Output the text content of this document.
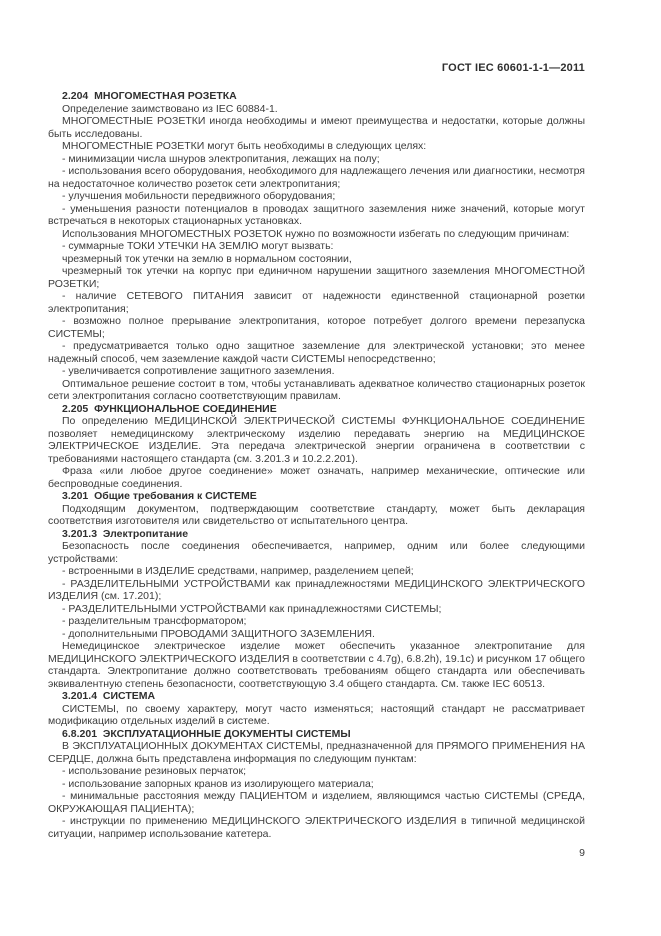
ГОСТ IEC 60601-1-1—2011

2.204  МНОГОМЕСТНАЯ РОЗЕТКА

Определение заимствовано из IEC 60884-1.

МНОГОМЕСТНЫЕ РОЗЕТКИ иногда необходимы и имеют преимущества и недостатки, которые должны быть исследованы.

МНОГОМЕСТНЫЕ РОЗЕТКИ могут быть необходимы в следующих целях:

- минимизации числа шнуров электропитания, лежащих на полу;

- использования всего оборудования, необходимого для надлежащего лечения или диагностики, несмотря на недостаточное количество розеток сети электропитания;

- улучшения мобильности передвижного оборудования;

- уменьшения разности потенциалов в проводах защитного заземления ниже значений, которые могут встречаться в некоторых стационарных установках.

Использования МНОГОМЕСТНЫХ РОЗЕТОК нужно по возможности избегать по следующим причинам:

- суммарные ТОКИ УТЕЧКИ НА ЗЕМЛЮ могут вызвать:

чрезмерный ток утечки на землю в нормальном состоянии,

чрезмерный ток утечки на корпус при единичном нарушении защитного заземления МНОГОМЕСТНОЙ РОЗЕТКИ;

- наличие СЕТЕВОГО ПИТАНИЯ зависит от надежности единственной стационарной розетки электропитания;

- возможно полное прерывание электропитания, которое потребует долгого времени перезапуска СИСТЕМЫ;

- предусматривается только одно защитное заземление для электрической установки; это менее надежный способ, чем заземление каждой части СИСТЕМЫ непосредственно;

- увеличивается сопротивление защитного заземления.

Оптимальное решение состоит в том, чтобы устанавливать адекватное количество стационарных розеток сети электропитания согласно соответствующим правилам.

2.205  ФУНКЦИОНАЛЬНОЕ СОЕДИНЕНИЕ

По определению МЕДИЦИНСКОЙ ЭЛЕКТРИЧЕСКОЙ СИСТЕМЫ ФУНКЦИОНАЛЬНОЕ СОЕДИНЕНИЕ позволяет немедицинскому электрическому изделию передавать энергию на МЕДИЦИНСКОЕ ЭЛЕКТРИЧЕСКОЕ ИЗДЕЛИЕ. Эта передача электрической энергии ограничена в соответствии с требованиями настоящего стандарта (см. 3.201.3 и 10.2.2.201).

Фраза «или любое другое соединение» может означать, например механические, оптические или беспроводные соединения.

3.201  Общие требования к СИСТЕМЕ

Подходящим документом, подтверждающим соответствие стандарту, может быть декларация соответствия изготовителя или свидетельство от испытательного центра.

3.201.3  Электропитание

Безопасность после соединения обеспечивается, например, одним или более следующими устройствами:

- встроенными в ИЗДЕЛИЕ средствами, например, разделением цепей;

- РАЗДЕЛИТЕЛЬНЫМИ УСТРОЙСТВАМИ как принадлежностями МЕДИЦИНСКОГО ЭЛЕКТРИЧЕСКОГО ИЗДЕЛИЯ (см. 17.201);

- РАЗДЕЛИТЕЛЬНЫМИ УСТРОЙСТВАМИ как принадлежностями СИСТЕМЫ;

- разделительным трансформатором;

- дополнительными ПРОВОДАМИ ЗАЩИТНОГО ЗАЗЕМЛЕНИЯ.

Немедицинское электрическое изделие может обеспечить указанное электропитание для МЕДИЦИНСКОГО ЭЛЕКТРИЧЕСКОГО ИЗДЕЛИЯ в соответствии с 4.7g), 6.8.2h), 19.1c) и рисунком 17 общего стандарта. Электропитание должно соответствовать требованиям общего стандарта или обеспечивать эквивалентную степень безопасности, соответствующую 3.4 общего стандарта. См. также IEC 60513.

3.201.4  СИСТЕМА

СИСТЕМЫ, по своему характеру, могут часто изменяться; настоящий стандарт не рассматривает модификацию отдельных изделий в системе.

6.8.201  ЭКСПЛУАТАЦИОННЫЕ ДОКУМЕНТЫ СИСТЕМЫ

В ЭКСПЛУАТАЦИОННЫХ ДОКУМЕНТАХ СИСТЕМЫ, предназначенной для ПРЯМОГО ПРИМЕНЕНИЯ НА СЕРДЦЕ, должна быть представлена информация по следующим пунктам:

- использование резиновых перчаток;

- использование запорных кранов из изолирующего материала;

- минимальные расстояния между ПАЦИЕНТОМ и изделием, являющимся частью СИСТЕМЫ (СРЕДА, ОКРУЖАЮЩАЯ ПАЦИЕНТА);

- инструкции по применению МЕДИЦИНСКОГО ЭЛЕКТРИЧЕСКОГО ИЗДЕЛИЯ в типичной медицинской ситуации, например использование катетера.

9
